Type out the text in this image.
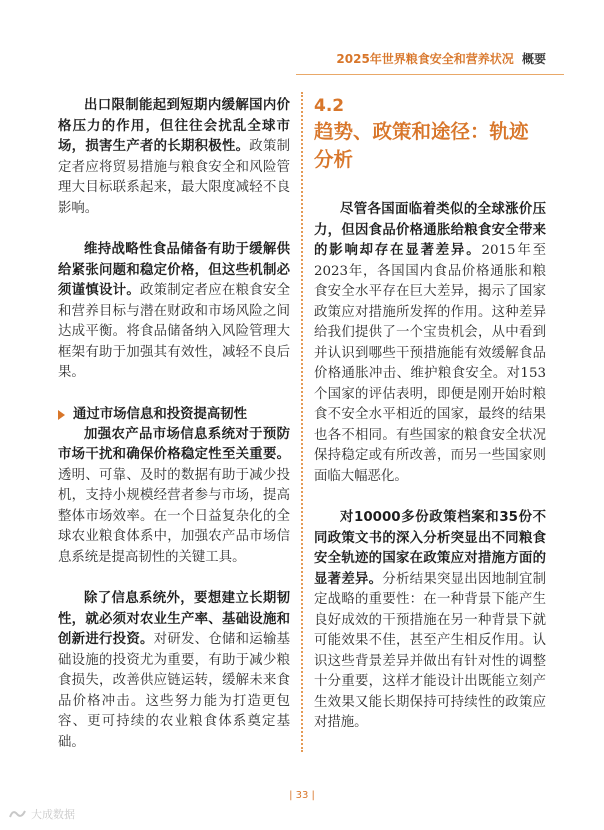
2025年世界粮食安全和营养状况 概要

出口限制能起到短期内缓解国内价格压力的作用，但往往会扰乱全球市场，损害生产者的长期积极性。政策制定者应将贸易措施与粮食安全和风险管理大目标联系起来，最大限度减轻不良影响。

维持战略性食品储备有助于缓解供给紧张问题和稳定价格，但这些机制必须谨慎设计。政策制定者应在粮食安全和营养目标与潜在财政和市场风险之间达成平衡。将食品储备纳入风险管理大框架有助于加强其有效性，减轻不良后果。

通过市场信息和投资提高韧性

加强农产品市场信息系统对于预防市场干扰和确保价格稳定性至关重要。透明、可靠、及时的数据有助于减少投机，支持小规模经营者参与市场，提高整体市场效率。在一个日益复杂化的全球农业粮食体系中，加强农产品市场信息系统是提高韧性的关键工具。

除了信息系统外，要想建立长期韧性，就必须对农业生产率、基础设施和创新进行投资。对研发、仓储和运输基础设施的投资尤为重要，有助于减少粮食损失，改善供应链运转，缓解未来食品价格冲击。这些努力能为打造更包容、更可持续的农业粮食体系奠定基础。

4.2
趋势、政策和途径：轨迹分析

尽管各国面临着类似的全球涨价压力，但因食品价格通胀给粮食安全带来的影响却存在显著差异。2015年至2023年，各国国内食品价格通胀和粮食安全水平存在巨大差异，揭示了国家政策应对措施所发挥的作用。这种差异给我们提供了一个宝贵机会，从中看到并认识到哪些干预措施能有效缓解食品价格通胀冲击、维护粮食安全。对153个国家的评估表明，即便是刚开始时粮食不安全水平相近的国家，最终的结果也各不相同。有些国家的粮食安全状况保持稳定或有所改善，而另一些国家则面临大幅恶化。

对10000多份政策档案和35份不同政策文书的深入分析突显出不同粮食安全轨迹的国家在政策应对措施方面的显著差异。分析结果突显出因地制宜制定战略的重要性：在一种背景下能产生良好成效的干预措施在另一种背景下就可能效果不佳，甚至产生相反作用。认识这些背景差异并做出有针对性的调整十分重要，这样才能设计出既能立刻产生效果又能长期保持可持续性的政策应对措施。

| 33 |
大成数据
